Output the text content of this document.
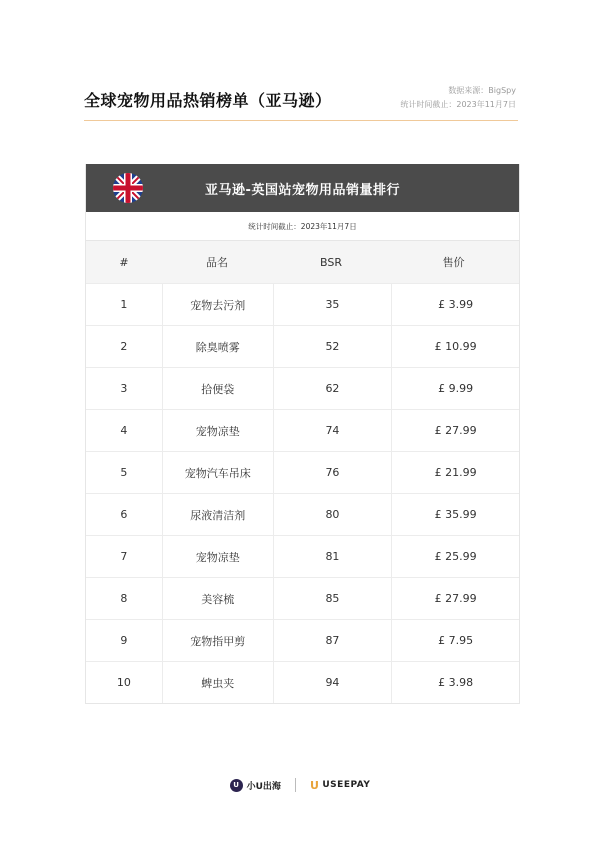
全球宠物用品热销榜单（亚马逊）
数据来源：BigSpy
统计时间截止：2023年11月7日
亚马逊-英国站宠物用品销量排行
统计时间截止：2023年11月7日
#	品名	BSR	售价
1	宠物去污剂	35	£ 3.99
2	除臭喷雾	52	£ 10.99
3	拾便袋	62	£ 9.99
4	宠物凉垫	74	£ 27.99
5	宠物汽车吊床	76	£ 21.99
6	尿液清洁剂	80	£ 35.99
7	宠物凉垫	81	£ 25.99
8	美容梳	85	£ 27.99
9	宠物指甲剪	87	£ 7.95
10	蜱虫夹	94	£ 3.98
U 小U出海	U USEEPAY
